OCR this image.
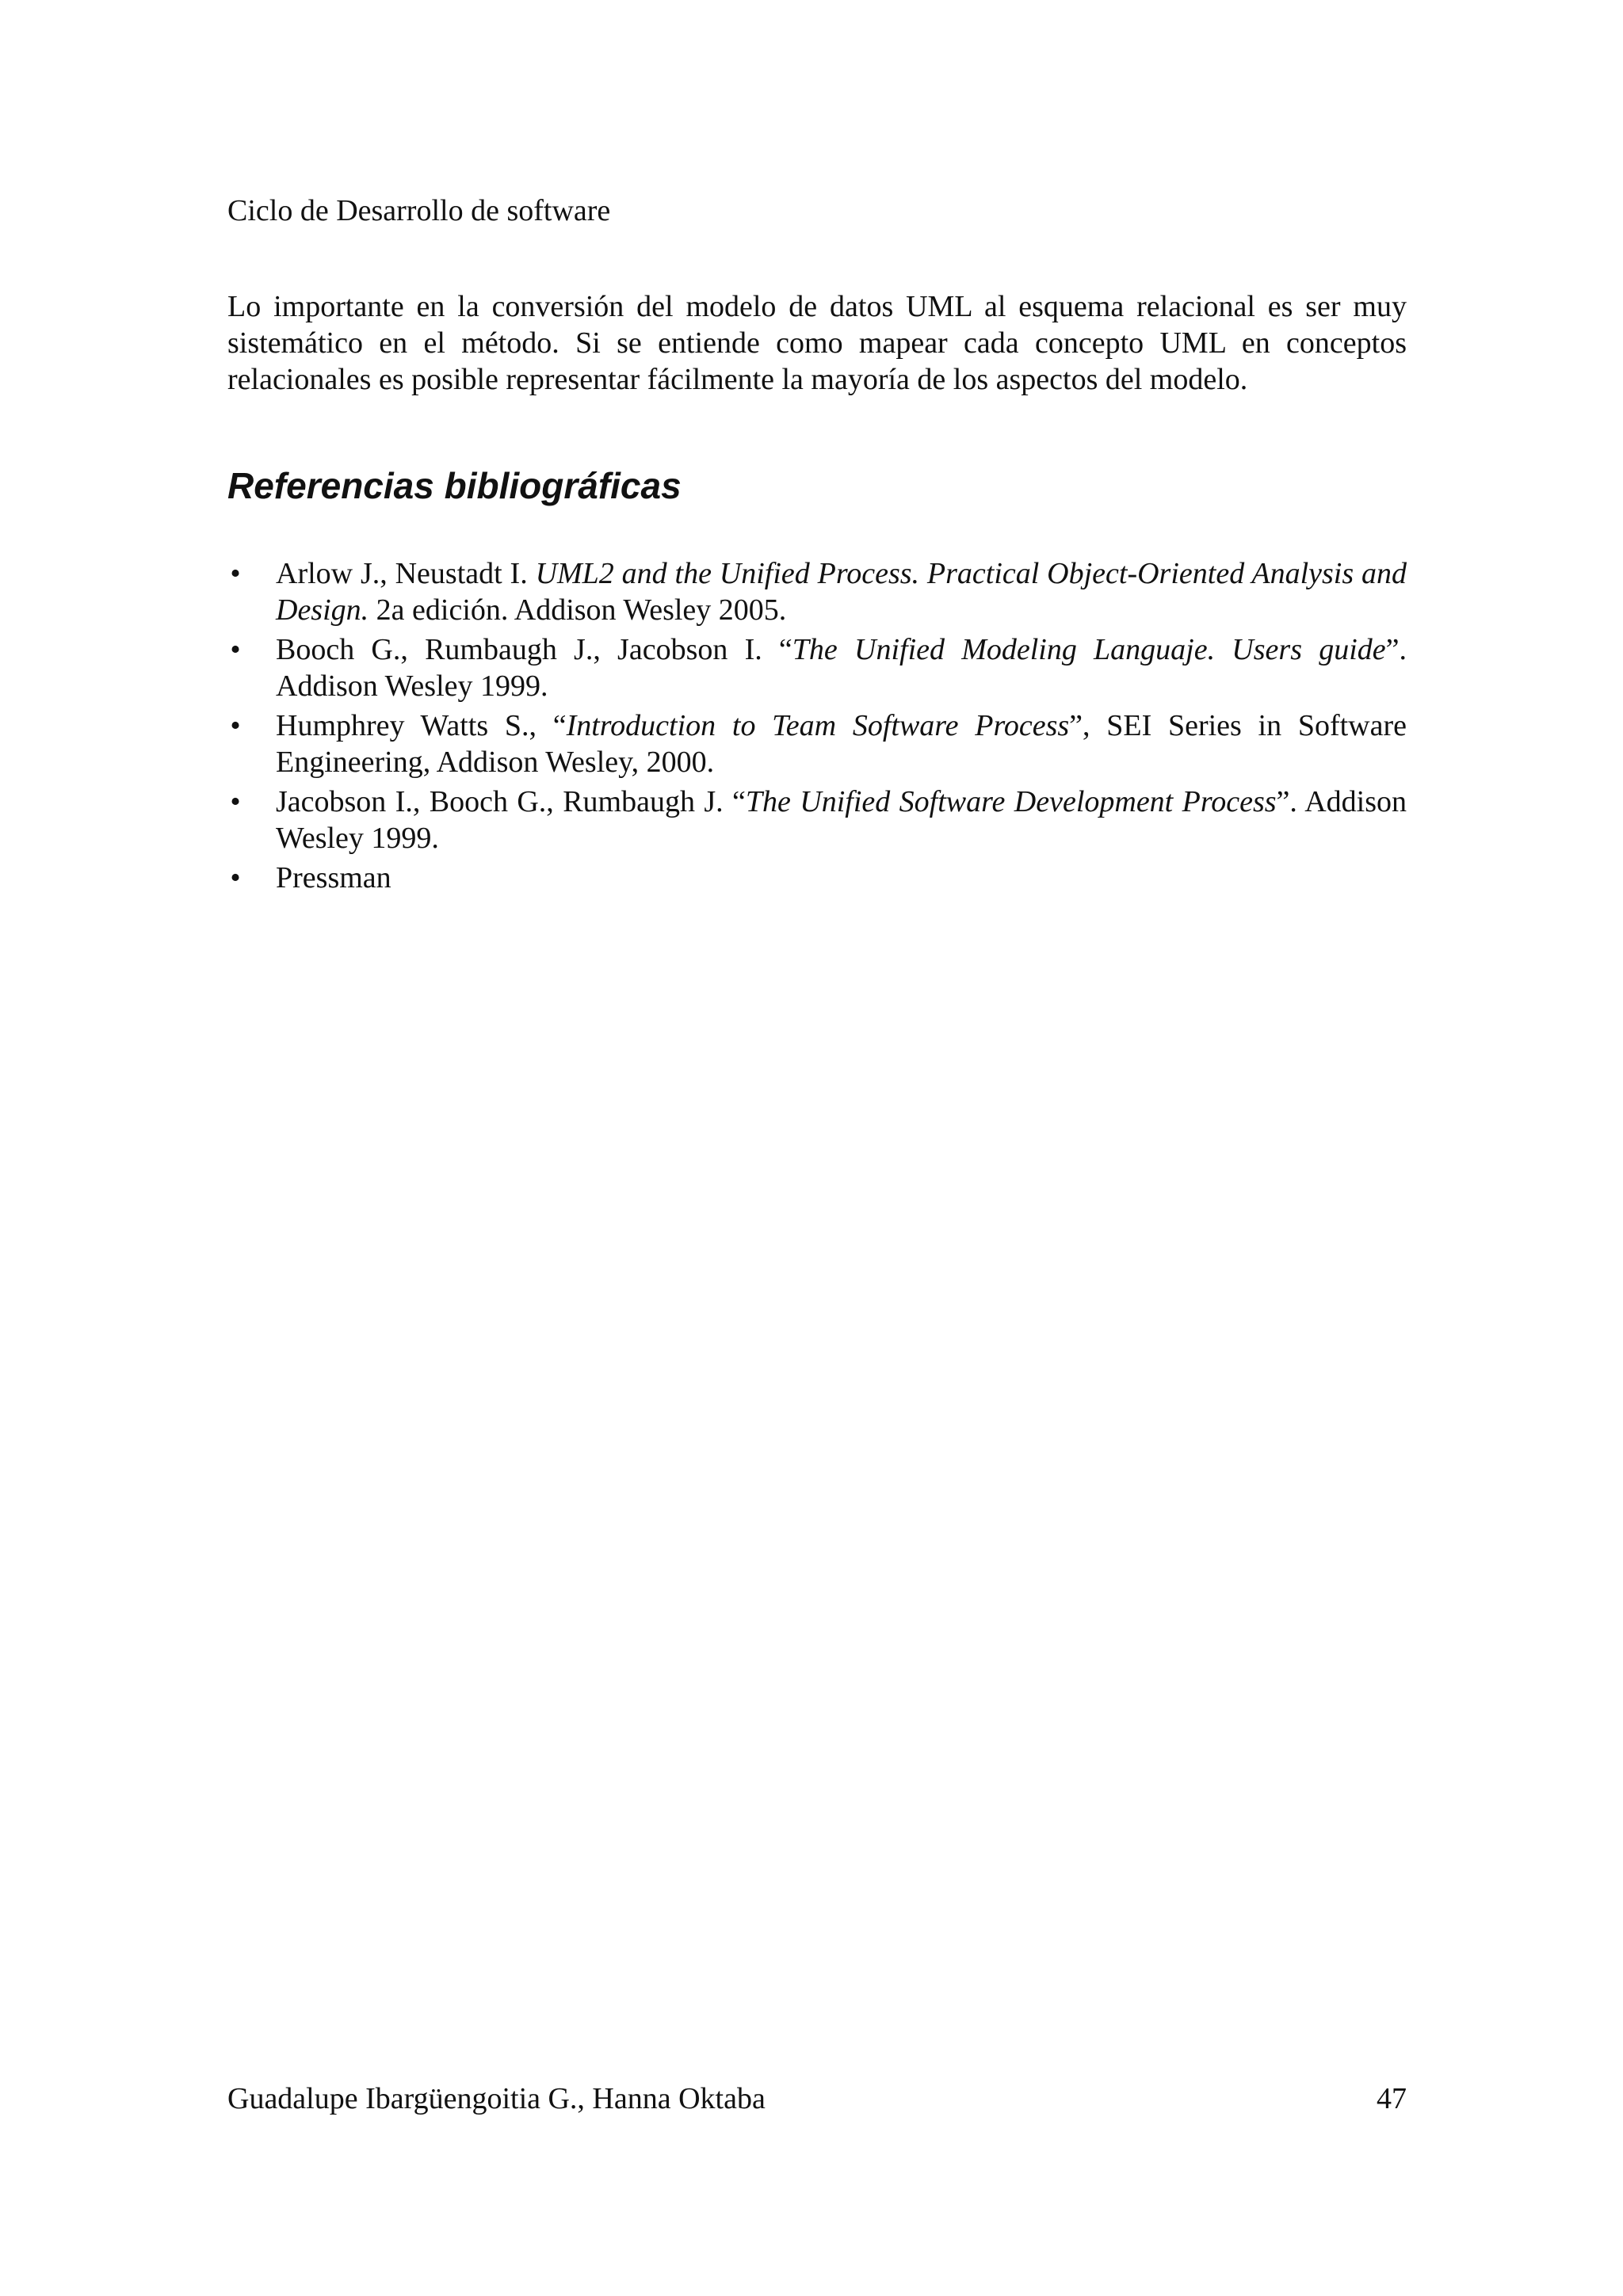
Ciclo de Desarrollo de software

Lo importante en la conversión del modelo de datos UML al esquema relacional es ser muy sistemático en el método. Si se entiende como mapear cada concepto UML en conceptos relacionales es posible representar fácilmente la mayoría de los aspectos del modelo.

Referencias bibliográficas
• Arlow J., Neustadt I. UML2 and the Unified Process. Practical Object-Oriented Analysis and Design. 2a edición. Addison Wesley 2005.
• Booch G., Rumbaugh J., Jacobson I. “The Unified Modeling Languaje. Users guide”. Addison Wesley 1999.
• Humphrey Watts S., “Introduction to Team Software Process”, SEI Series in Software Engineering, Addison Wesley, 2000.
• Jacobson I., Booch G., Rumbaugh J. “The Unified Software Development Process”. Addison Wesley 1999.
• Pressman
Guadalupe Ibargüengoitia G., Hanna Oktaba	47
